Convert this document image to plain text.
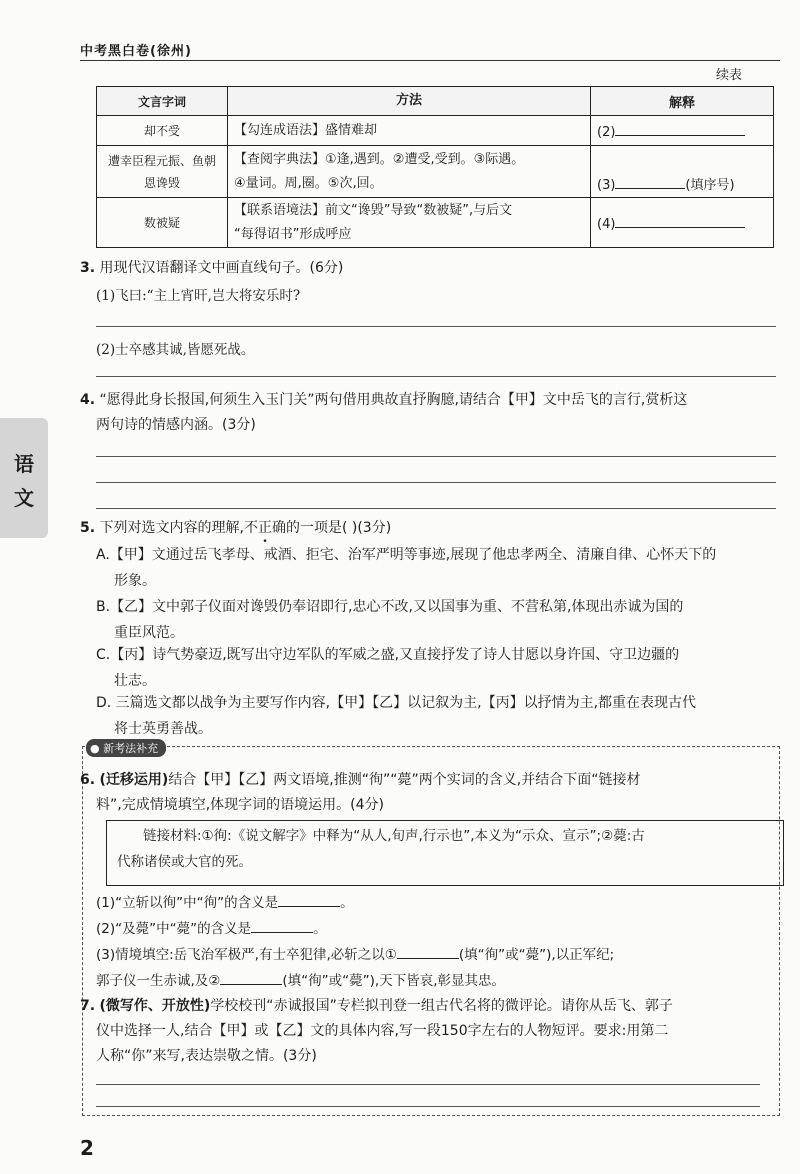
中考黑白卷(徐州)
续表
文言字词	方法	解释
却不受	【勾连成语法】盛情难却	(2)
遭幸臣程元振、鱼朝恩谗毁	【查阅字典法】①逢,遇到。②遭受,受到。③际遇。
④量词。周,圈。⑤次,回。	(3) (填序号)
数被疑	【联系语境法】前文“谗毁”导致“数被疑”,与后文
“每得诏书”形成呼应	(4)
3. 用现代汉语翻译文中画直线句子。(6分)
(1)飞曰:“主上宵旰,岂大将安乐时?
(2)士卒感其诚,皆愿死战。
语
文
4. “愿得此身长报国,何须生入玉门关”两句借用典故直抒胸臆,请结合【甲】文中岳飞的言行,赏析这
两句诗的情感内涵。(3分)
5. 下列对选文内容的理解,不正确的一项是( )(3分)
A.【甲】文通过岳飞孝母、戒酒、拒宅、治军严明等事迹,展现了他忠孝两全、清廉自律、心怀天下的
形象。
B.【乙】文中郭子仪面对谗毁仍奉诏即行,忠心不改,又以国事为重、不营私第,体现出赤诚为国的
重臣风范。
C.【丙】诗气势豪迈,既写出守边军队的军威之盛,又直接抒发了诗人甘愿以身许国、守卫边疆的
壮志。
D. 三篇选文都以战争为主要写作内容,【甲】【乙】以记叙为主,【丙】以抒情为主,都重在表现古代
将士英勇善战。
● 新考法补充
6. (迁移运用)结合【甲】【乙】两文语境,推测“徇”“薨”两个实词的含义,并结合下面“链接材
料”,完成情境填空,体现字词的语境运用。(4分)
链接材料:①徇:《说文解字》中释为“从人,旬声,行示也”,本义为“示众、宣示”;②薨:古
代称诸侯或大官的死。
(1)“立斩以徇”中“徇”的含义是	。
(2)“及薨”中“薨”的含义是	。
(3)情境填空:岳飞治军极严,有士卒犯律,必斩之以①	(填“徇”或“薨”),以正军纪;
郭子仪一生赤诚,及②	(填“徇”或“薨”),天下皆哀,彰显其忠。
7. (微写作、开放性)学校校刊“赤诚报国”专栏拟刊登一组古代名将的微评论。请你从岳飞、郭子
仪中选择一人,结合【甲】或【乙】文的具体内容,写一段150字左右的人物短评。要求:用第二
人称“你”来写,表达崇敬之情。(3分)
2
